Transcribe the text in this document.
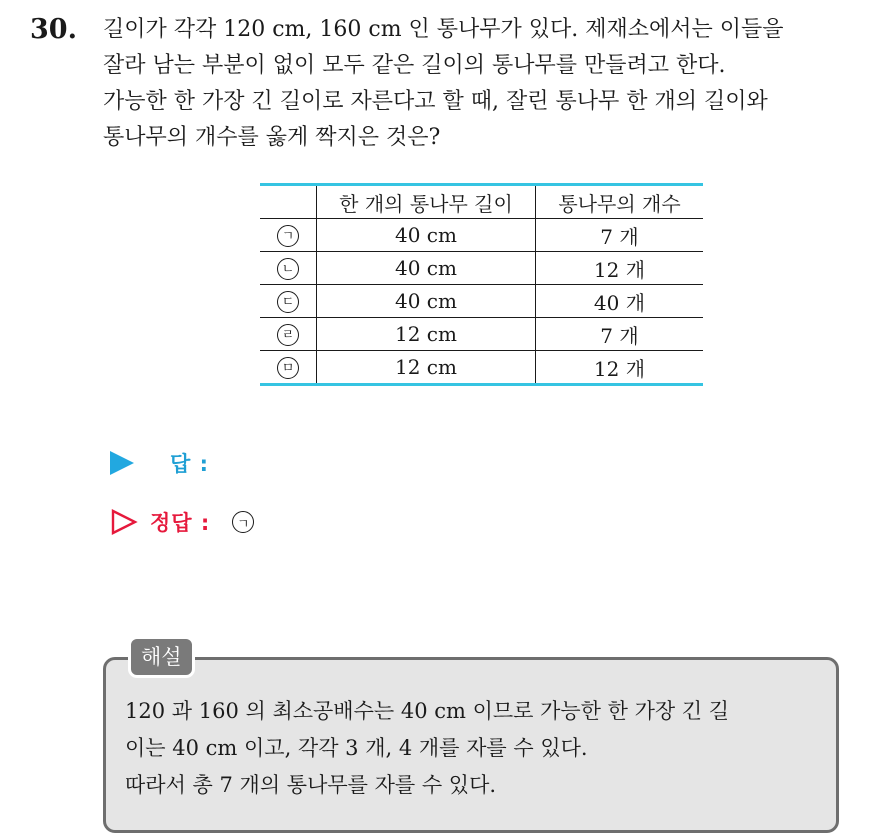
30. 길이가 각각 120 cm, 160 cm 인 통나무가 있다. 제재소에서는 이들을
잘라 남는 부분이 없이 모두 같은 길이의 통나무를 만들려고 한다.
가능한 한 가장 긴 길이로 자른다고 할 때, 잘린 통나무 한 개의 길이와
통나무의 개수를 옳게 짝지은 것은?
	한 개의 통나무 길이	통나무의 개수
ㄱ	40 cm	7 개
ㄴ	40 cm	12 개
ㄷ	40 cm	40 개
ㄹ	12 cm	7 개
ㅁ	12 cm	12 개
답 :
정답 :	ㄱ
해설
120 과 160 의 최소공배수는 40 cm 이므로 가능한 한 가장 긴 길
이는 40 cm 이고, 각각 3 개, 4 개를 자를 수 있다.
따라서 총 7 개의 통나무를 자를 수 있다.
